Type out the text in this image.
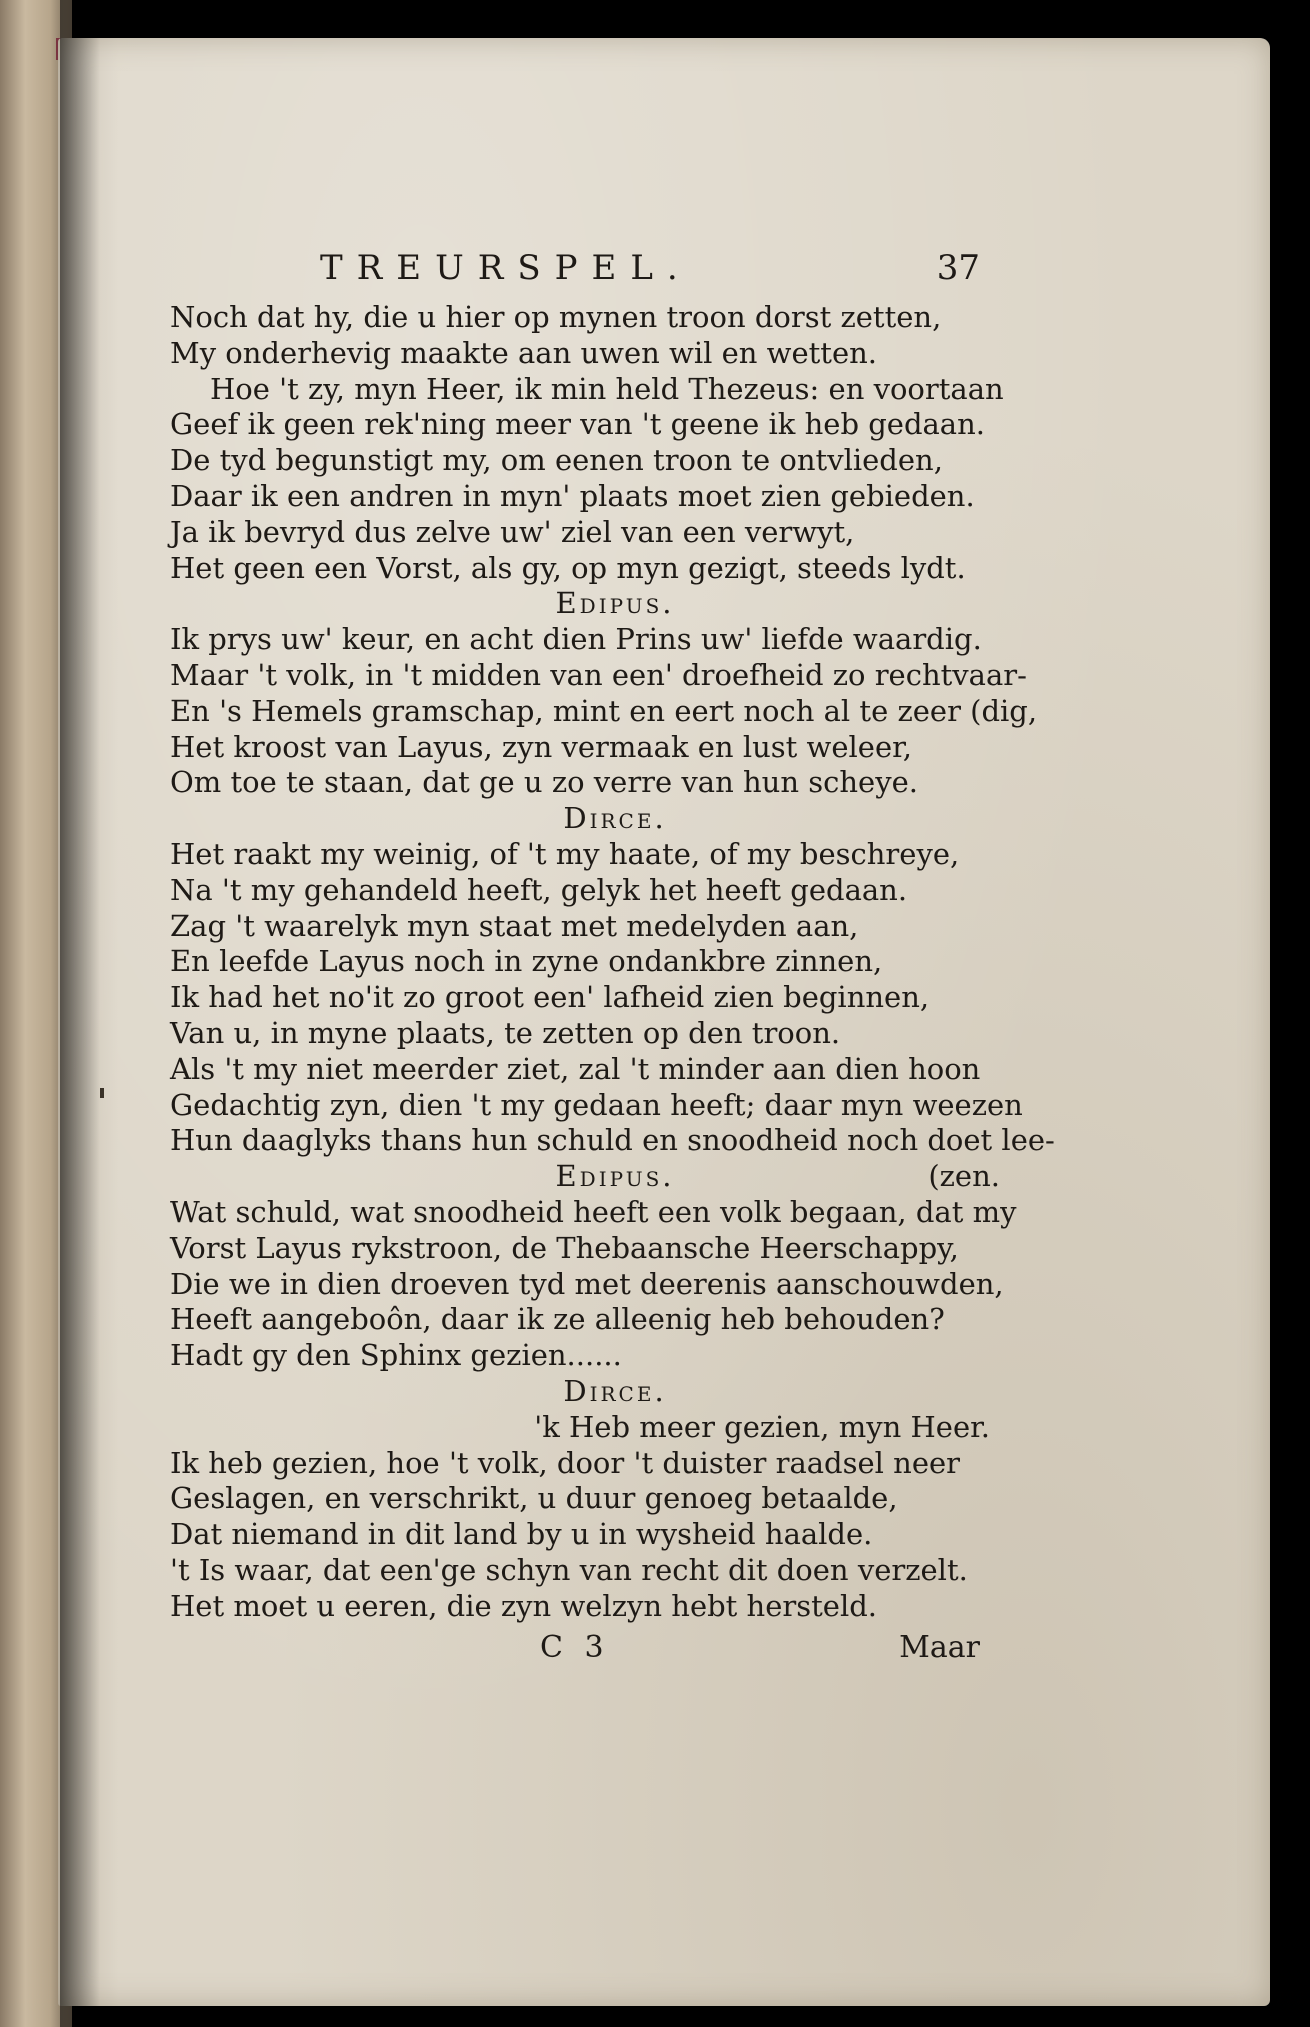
TREURSPEL.	37
Noch dat hy, die u hier op mynen troon dorst zetten,
My onderhevig maakte aan uwen wil en wetten.
Hoe 't zy, myn Heer, ik min held Thezeus: en voortaan
Geef ik geen rek'ning meer van 't geene ik heb gedaan.
De tyd begunstigt my, om eenen troon te ontvlieden,
Daar ik een andren in myn' plaats moet zien gebieden.
Ja ik bevryd dus zelve uw' ziel van een verwyt,
Het geen een Vorst, als gy, op myn gezigt, steeds lydt.
Edipus.
Ik prys uw' keur, en acht dien Prins uw' liefde waardig.
Maar 't volk, in 't midden van een' droefheid zo rechtvaar-
En 's Hemels gramschap, mint en eert noch al te zeer (dig,
Het kroost van Layus, zyn vermaak en lust weleer,
Om toe te staan, dat ge u zo verre van hun scheye.
Dirce.
Het raakt my weinig, of 't my haate, of my beschreye,
Na 't my gehandeld heeft, gelyk het heeft gedaan.
Zag 't waarelyk myn staat met medelyden aan,
En leefde Layus noch in zyne ondankbre zinnen,
Ik had het no'it zo groot een' lafheid zien beginnen,
Van u, in myne plaats, te zetten op den troon.
Als 't my niet meerder ziet, zal 't minder aan dien hoon
Gedachtig zyn, dien 't my gedaan heeft; daar myn weezen
Hun daaglyks thans hun schuld en snoodheid noch doet lee-
Edipus.	(zen.
Wat schuld, wat snoodheid heeft een volk begaan, dat my
Vorst Layus rykstroon, de Thebaansche Heerschappy,
Die we in dien droeven tyd met deerenis aanschouwden,
Heeft aangeboôn, daar ik ze alleenig heb behouden?
Hadt gy den Sphinx gezien......
Dirce.
'k Heb meer gezien, myn Heer.
Ik heb gezien, hoe 't volk, door 't duister raadsel neer
Geslagen, en verschrikt, u duur genoeg betaalde,
Dat niemand in dit land by u in wysheid haalde.
't Is waar, dat een'ge schyn van recht dit doen verzelt.
Het moet u eeren, die zyn welzyn hebt hersteld.
C 3	Maar
